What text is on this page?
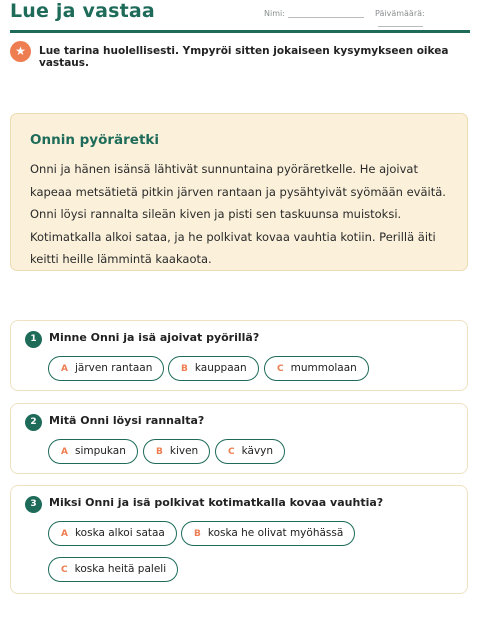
Lue ja vastaa	Nimi:	Päivämäärä:
★	Lue tarina huolellisesti. Ympyröi sitten jokaiseen kysymykseen oikea vastaus.
Onnin pyöräretki
Onni ja hänen isänsä lähtivät sunnuntaina pyöräretkelle. He ajoivat kapeaa metsätietä pitkin järven rantaan ja pysähtyivät syömään eväitä. Onni löysi rannalta sileän kiven ja pisti sen taskuunsa muistoksi. Kotimatkalla alkoi sataa, ja he polkivat kovaa vauhtia kotiin. Perillä äiti keitti heille lämmintä kaakaota.
1	Minne Onni ja isä ajoivat pyörillä?
A järven rantaan	B kauppaan	C mummolaan
2	Mitä Onni löysi rannalta?
A simpukan	B kiven	C kävyn
3	Miksi Onni ja isä polkivat kotimatkalla kovaa vauhtia?
A koska alkoi sataa	B koska he olivat myöhässä
C koska heitä paleli
